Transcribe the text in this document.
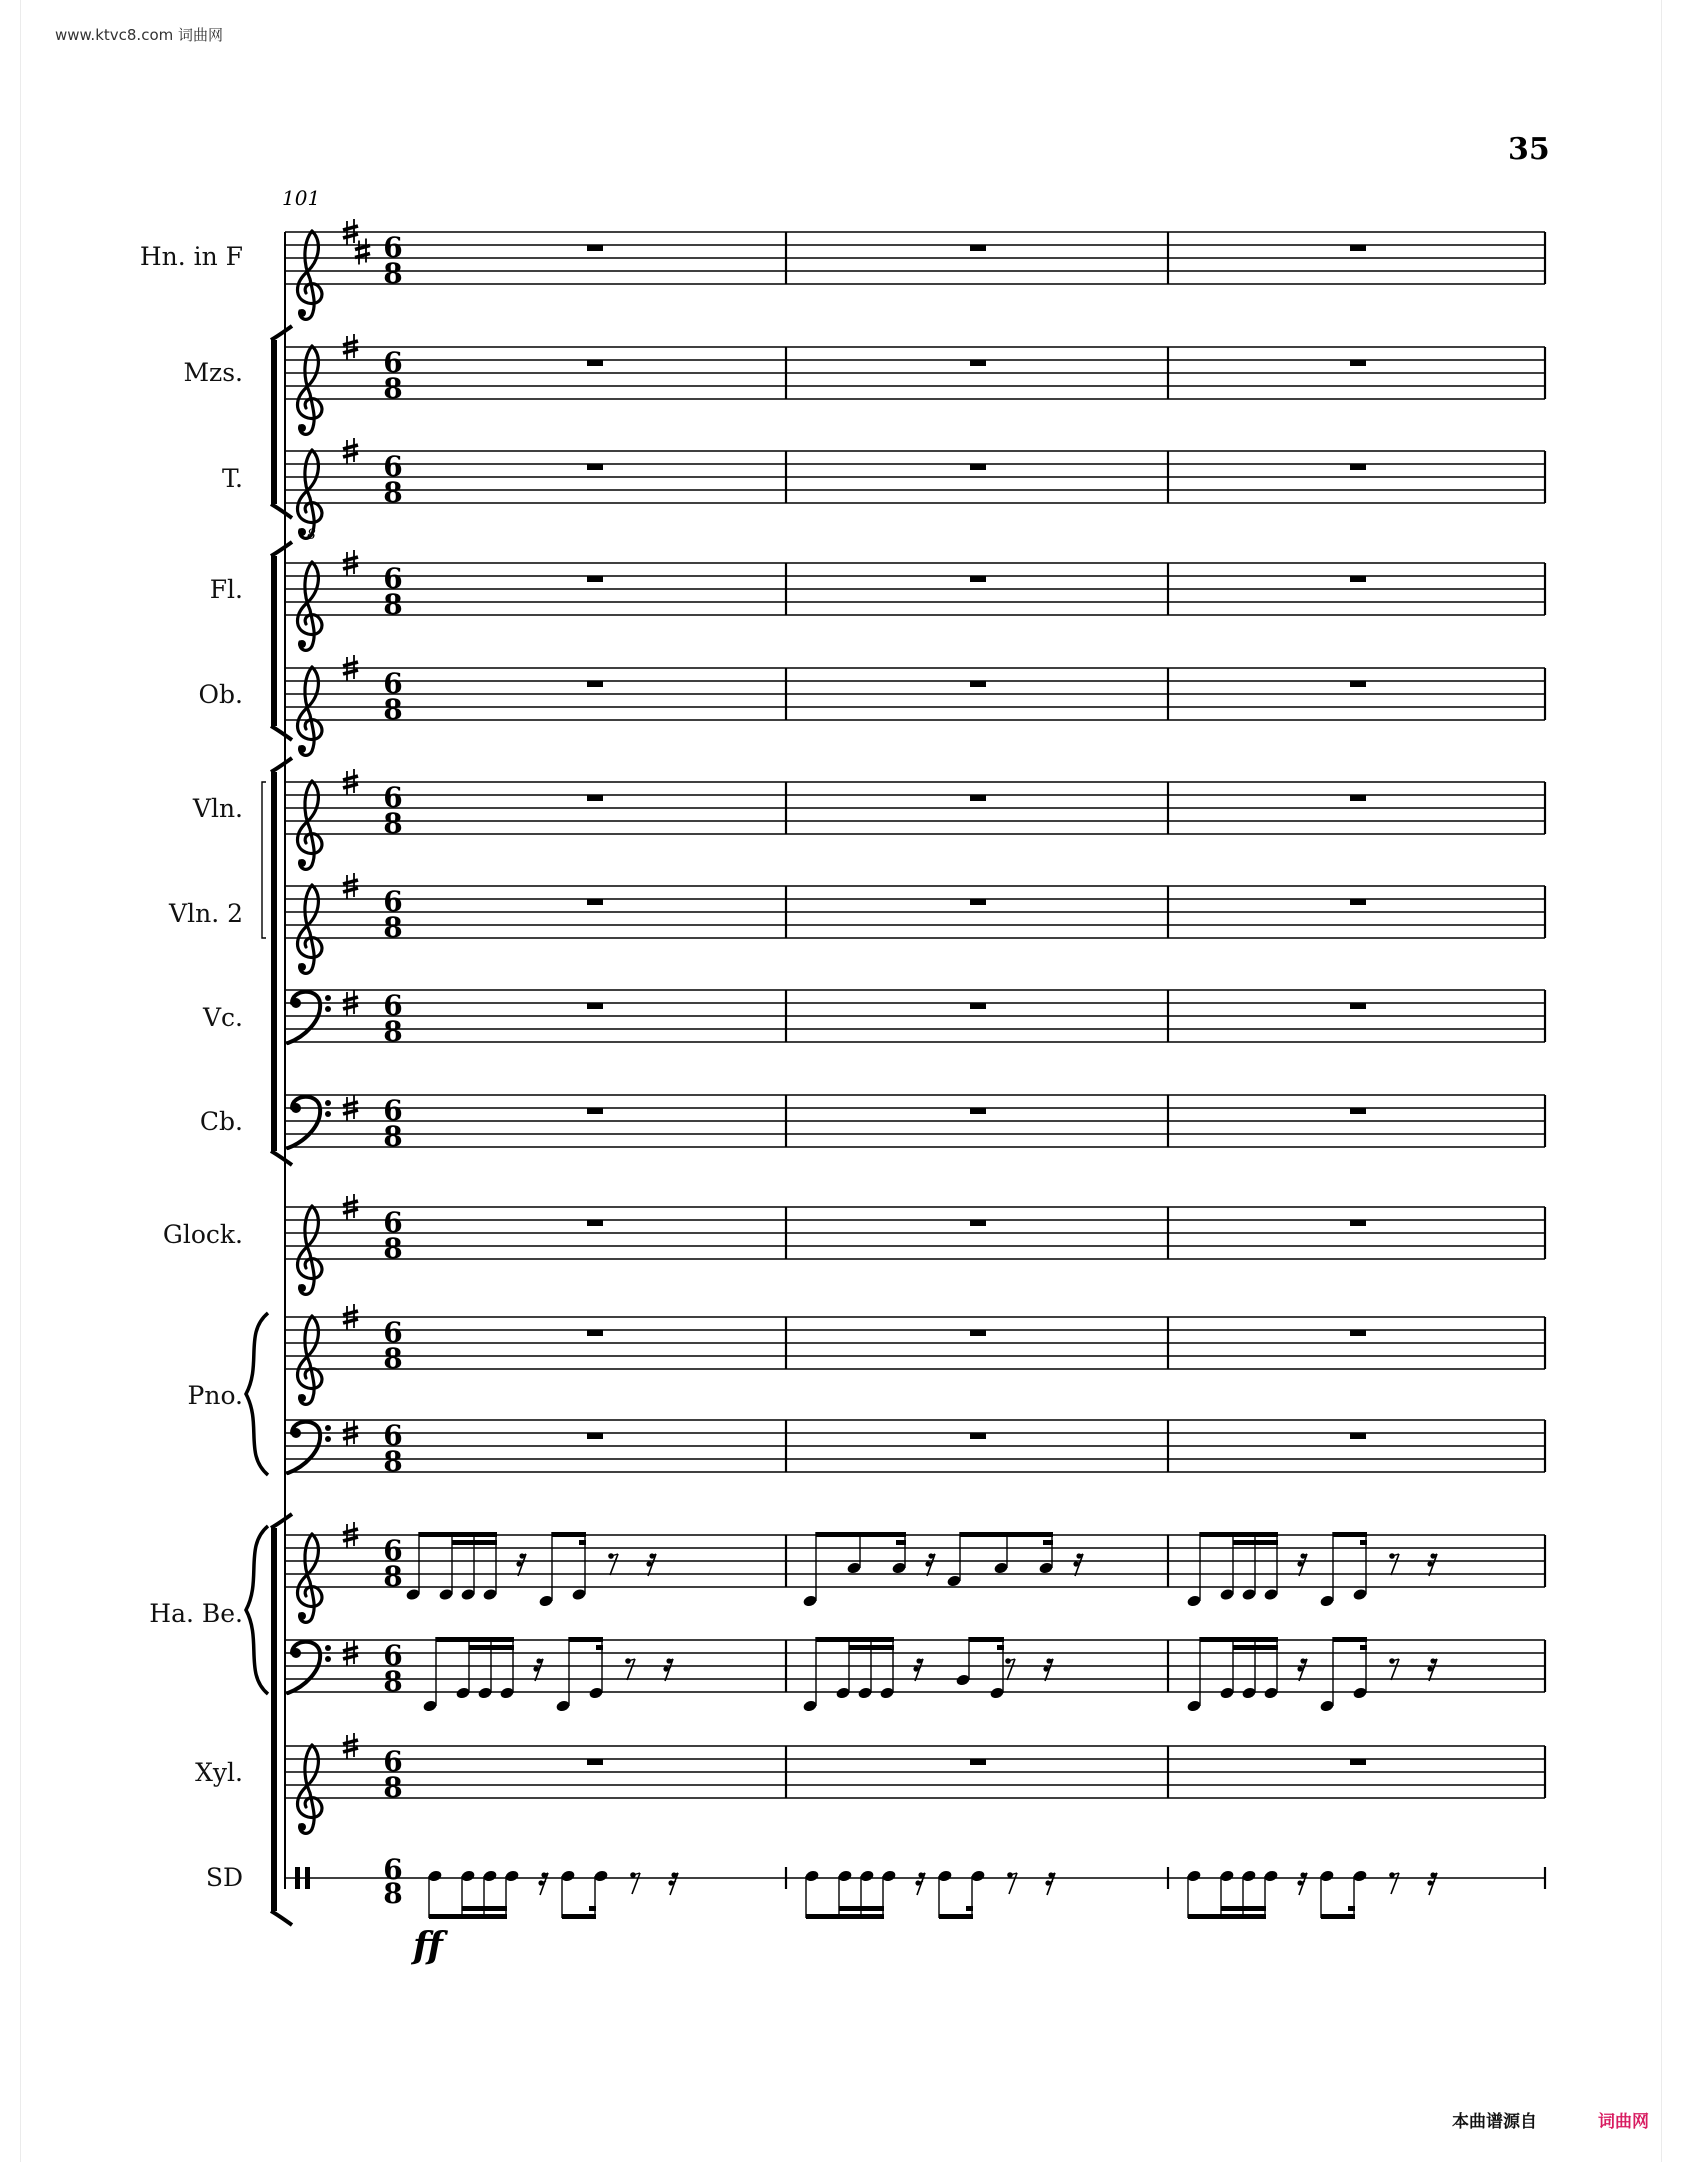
www.ktvc8.com 词曲网
35
Hn. in F
Mzs.
T.
Fl.
Ob.
Vln.
Vln. 2
Vc.
Cb.
Glock.
Pno.
Ha. Be.
Xyl.
SD
101
ff
6
8
6
8
8
6
8
6
8
6
8
6
8
6
8
6
8
6
8
6
8
6
8
6
8
6
8
6
8
6
8
6
8
本曲谱源自	词曲网
